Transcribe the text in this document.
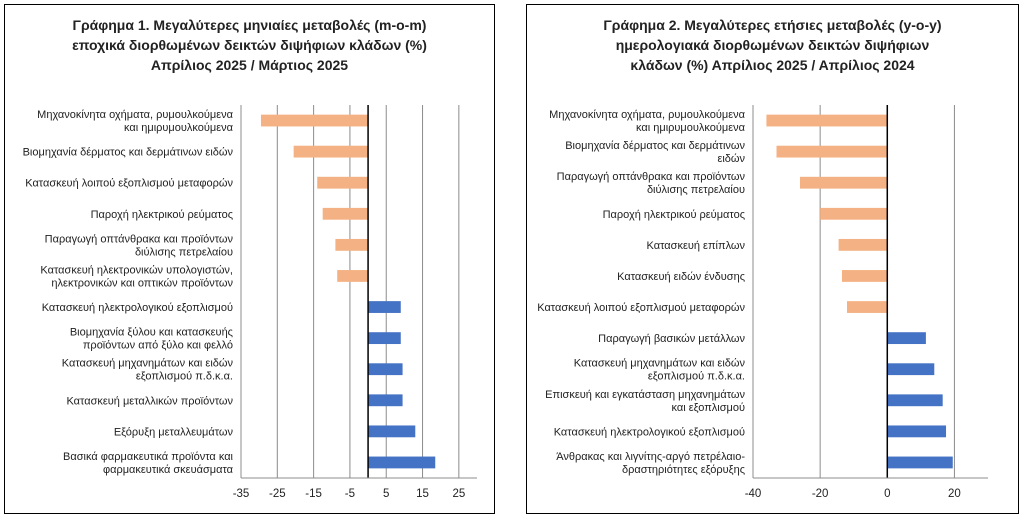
Γράφημα 1. Μεγαλύτερες μηνιαίες μεταβολές (m-o-m)
εποχικά διορθωμένων δεικτών διψήφιων κλάδων (%)
Απρίλιος 2025 / Μάρτιος 2025
Μηχανοκίνητα οχήματα, ρυμουλκούμενα και ημιρυμουλκούμενα
Βιομηχανία δέρματος και δερμάτινων ειδών
Κατασκευή λοιπού εξοπλισμού μεταφορών
Παροχή ηλεκτρικού ρεύματος
Παραγωγή οπτάνθρακα και προϊόντων διύλισης πετρελαίου
Κατασκευή ηλεκτρονικών υπολογιστών, ηλεκτρονικών και οπτικών προϊόντων
Κατασκευή ηλεκτρολογικού εξοπλισμού
Βιομηχανία ξύλου και κατασκευής προϊόντων από ξύλο και φελλό
Κατασκευή μηχανημάτων και ειδών εξοπλισμού π.δ.κ.α.
Κατασκευή μεταλλικών προϊόντων
Εξόρυξη μεταλλευμάτων
Βασικά φαρμακευτικά προϊόντα και φαρμακευτικά σκευάσματα
-35 -25 -15 -5 5 15 25
Γράφημα 2. Μεγαλύτερες ετήσιες μεταβολές (y-o-y)
ημερολογιακά διορθωμένων δεικτών διψήφιων
κλάδων (%) Απρίλιος 2025 / Απρίλιος 2024
Μηχανοκίνητα οχήματα, ρυμουλκούμενα και ημιρυμουλκούμενα
Βιομηχανία δέρματος και δερμάτινων ειδών
Παραγωγή οπτάνθρακα και προϊόντων διύλισης πετρελαίου
Παροχή ηλεκτρικού ρεύματος
Κατασκευή επίπλων
Κατασκευή ειδών ένδυσης
Κατασκευή λοιπού εξοπλισμού μεταφορών
Παραγωγή βασικών μετάλλων
Κατασκευή μηχανημάτων και ειδών εξοπλισμού π.δ.κ.α.
Επισκευή και εγκατάσταση μηχανημάτων και εξοπλισμού
Κατασκευή ηλεκτρολογικού εξοπλισμού
Άνθρακας και λιγνίτης-αργό πετρέλαιο-δραστηριότητες εξόρυξης
-40	-20	0	20
